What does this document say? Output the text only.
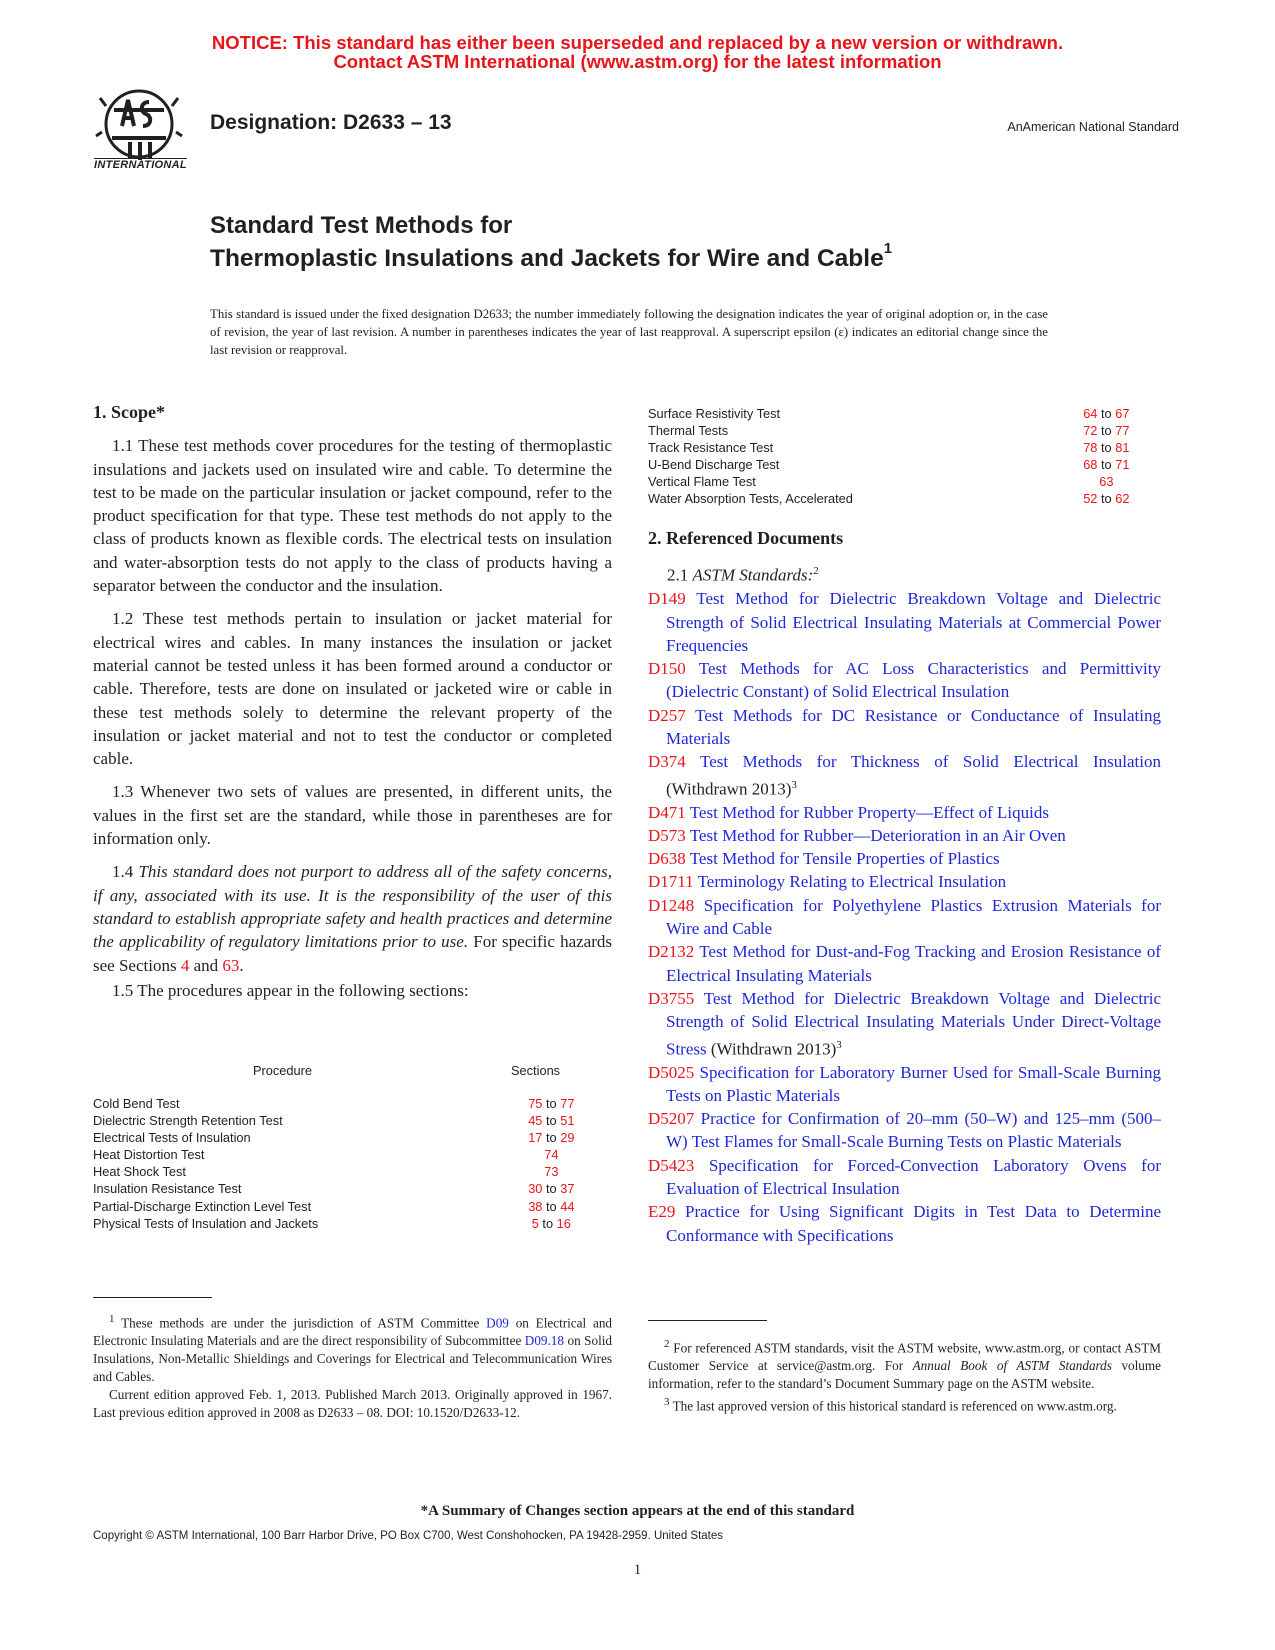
NOTICE: This standard has either been superseded and replaced by a new version or withdrawn.
Contact ASTM International (www.astm.org) for the latest information
INTERNATIONAL
Designation: D2633 – 13	AnAmerican National Standard
Standard Test Methods for
Thermoplastic Insulations and Jackets for Wire and Cable$^1$
This standard is issued under the fixed designation D2633; the number immediately following the designation indicates the year of original adoption or, in the case of revision, the year of last revision. A number in parentheses indicates the year of last reapproval. A superscript epsilon (ε) indicates an editorial change since the last revision or reapproval.
1. Scope*

1.1 These test methods cover procedures for the testing of thermoplastic insulations and jackets used on insulated wire and cable. To determine the test to be made on the particular insulation or jacket compound, refer to the product specification for that type. These test methods do not apply to the class of products known as flexible cords. The electrical tests on insulation and water-absorption tests do not apply to the class of products having a separator between the conductor and the insulation.

1.2 These test methods pertain to insulation or jacket material for electrical wires and cables. In many instances the insulation or jacket material cannot be tested unless it has been formed around a conductor or cable. Therefore, tests are done on insulated or jacketed wire or cable in these test methods solely to determine the relevant property of the insulation or jacket material and not to test the conductor or completed cable.

1.3 Whenever two sets of values are presented, in different units, the values in the first set are the standard, while those in parentheses are for information only.

1.4 This standard does not purport to address all of the safety concerns, if any, associated with its use. It is the responsibility of the user of this standard to establish appropriate safety and health practices and determine the applicability of regulatory limitations prior to use. For specific hazards see Sections 4 and 63.

1.5 The procedures appear in the following sections:

Procedure	Sections
Cold Bend Test	75 to 77
Dielectric Strength Retention Test	45 to 51
Electrical Tests of Insulation	17 to 29
Heat Distortion Test	74
Heat Shock Test	73
Insulation Resistance Test	30 to 37
Partial-Discharge Extinction Level Test	38 to 44
Physical Tests of Insulation and Jackets	5 to 16
Surface Resistivity Test	64 to 67
Thermal Tests	72 to 77
Track Resistance Test	78 to 81
U-Bend Discharge Test	68 to 71
Vertical Flame Test	63
Water Absorption Tests, Accelerated	52 to 62
2. Referenced Documents

2.1 ASTM Standards:$^2$

D149 Test Method for Dielectric Breakdown Voltage and Dielectric Strength of Solid Electrical Insulating Materials at Commercial Power Frequencies

D150 Test Methods for AC Loss Characteristics and Permittivity (Dielectric Constant) of Solid Electrical Insulation

D257 Test Methods for DC Resistance or Conductance of Insulating Materials

D374 Test Methods for Thickness of Solid Electrical Insulation (Withdrawn 2013)$^3$

D471 Test Method for Rubber Property—Effect of Liquids

D573 Test Method for Rubber—Deterioration in an Air Oven

D638 Test Method for Tensile Properties of Plastics

D1711 Terminology Relating to Electrical Insulation

D1248 Specification for Polyethylene Plastics Extrusion Materials for Wire and Cable

D2132 Test Method for Dust-and-Fog Tracking and Erosion Resistance of Electrical Insulating Materials

D3755 Test Method for Dielectric Breakdown Voltage and Dielectric Strength of Solid Electrical Insulating Materials Under Direct-Voltage Stress (Withdrawn 2013)$^3$

D5025 Specification for Laboratory Burner Used for Small-Scale Burning Tests on Plastic Materials

D5207 Practice for Confirmation of 20–mm (50–W) and 125–mm (500–W) Test Flames for Small-Scale Burning Tests on Plastic Materials

D5423 Specification for Forced-Convection Laboratory Ovens for Evaluation of Electrical Insulation

E29 Practice for Using Significant Digits in Test Data to Determine Conformance with Specifications

$^1$ These methods are under the jurisdiction of ASTM Committee D09 on Electrical and Electronic Insulating Materials and are the direct responsibility of Subcommittee D09.18 on Solid Insulations, Non-Metallic Shieldings and Coverings for Electrical and Telecommunication Wires and Cables.

Current edition approved Feb. 1, 2013. Published March 2013. Originally approved in 1967. Last previous edition approved in 2008 as D2633 – 08. DOI: 10.1520/D2633-12.

$^2$ For referenced ASTM standards, visit the ASTM website, www.astm.org, or contact ASTM Customer Service at service@astm.org. For Annual Book of ASTM Standards volume information, refer to the standard’s Document Summary page on the ASTM website.

$^3$ The last approved version of this historical standard is referenced on www.astm.org.

*A Summary of Changes section appears at the end of this standard
Copyright © ASTM International, 100 Barr Harbor Drive, PO Box C700, West Conshohocken, PA 19428-2959. United States
1
